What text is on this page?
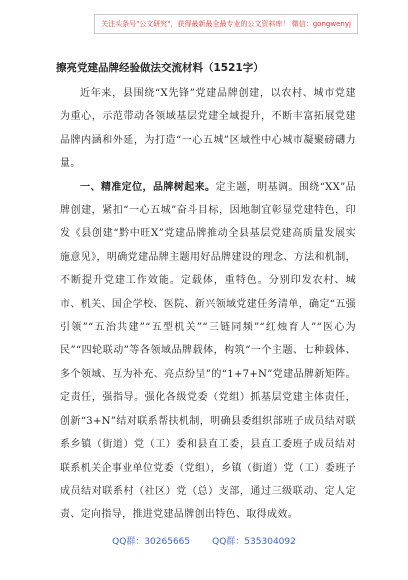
关注头条号"公文研究"，获得最新最全最专业的公文资料库！ 微信：gongwenyj
擦亮党建品牌经验做法交流材料（1521字）

近年来，县围绕“X先锋”党建品牌创建，以农村、城市党建为重心，示范带动各领域基层党建全域提升，不断丰富拓展党建品牌内涵和外延，为打造“一心五城”区域性中心城市凝聚磅礴力量。

一、精准定位，品牌树起来。定主题，明基调。围绕“XX”品牌创建，紧扣“一心五城”奋斗目标，因地制宜彰显党建特色，印发《县创建“黔中旺X”党建品牌推动全县基层党建高质量发展实施意见》，明确党建品牌主题用好品牌建设的理念、方法和机制，不断提升党建工作效能。定载体，重特色。分别印发农村、城市、机关、国企学校、医院、新兴领域党建任务清单，确定“五强引领”“五治共建”“五型机关”“三链同频”“红烛育人”“医心为民”“四轮联动”等各领域品牌载体，构筑“一个主题、七种载体、多个领域、互为补充、亮点纷呈”的“1+7+N”党建品牌新矩阵。定责任，强指导。强化各级党委（党组）抓基层党建主体责任，创新“3+N”结对联系帮扶机制，明确县委组织部班子成员结对联系乡镇（街道）党（工）委和县直工委，县直工委班子成员结对联系机关企事业单位党委（党组），乡镇（街道）党（工）委班子成员结对联系村（社区）党（总）支部，通过三级联动、定人定责、定向指导，推进党建品牌创出特色、取得成效。

QQ群：30265665 QQ群：535304092
